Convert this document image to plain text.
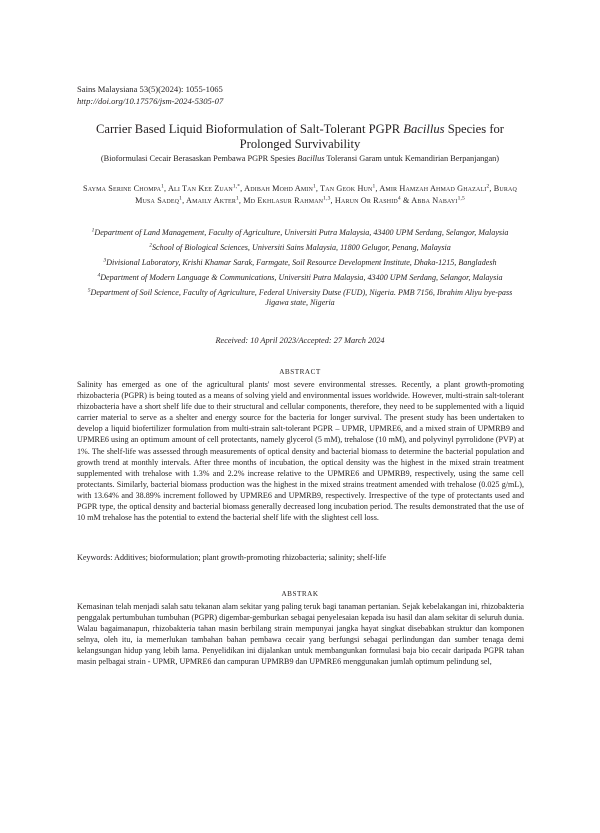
Sains Malaysiana 53(5)(2024): 1055-1065
http://doi.org/10.17576/jsm-2024-5305-07
Carrier Based Liquid Bioformulation of Salt-Tolerant PGPR Bacillus Species for Prolonged Survivability
(Bioformulasi Cecair Berasaskan Pembawa PGPR Spesies Bacillus Toleransi Garam untuk Kemandirian Berpanjangan)
Sayma Serine Chompa$^1$, Ali Tan Kee Zuan$^{1,*}$, Adibah Mohd Amin$^1$, Tan Geok Hun$^1$, Amir Hamzah Ahmad Ghazali$^2$, Buraq Musa Sadeq$^1$, Amaily Akter$^1$, Md Ekhlasur Rahman$^{1,3}$, Harun Or Rashid$^4$ & Abba Nabayi$^{1,5}$

$^1$Department of Land Management, Faculty of Agriculture, Universiti Putra Malaysia, 43400 UPM Serdang, Selangor, Malaysia

$^2$School of Biological Sciences, Universiti Sains Malaysia, 11800 Gelugor, Penang, Malaysia

$^3$Divisional Laboratory, Krishi Khamar Sarak, Farmgate, Soil Resource Development Institute, Dhaka-1215, Bangladesh

$^4$Department of Modern Language & Communications, Universiti Putra Malaysia, 43400 UPM Serdang, Selangor, Malaysia

$^5$Department of Soil Science, Faculty of Agriculture, Federal University Dutse (FUD), Nigeria. PMB 7156, Ibrahim Aliyu bye-pass Jigawa state, Nigeria

Received: 10 April 2023/Accepted: 27 March 2024
ABSTRACT

Salinity has emerged as one of the agricultural plants' most severe environmental stresses. Recently, a plant growth-promoting rhizobacteria (PGPR) is being touted as a means of solving yield and environmental issues worldwide. However, multi-strain salt-tolerant rhizobacteria have a short shelf life due to their structural and cellular components, therefore, they need to be supplemented with a liquid carrier material to serve as a shelter and energy source for the bacteria for longer survival. The present study has been undertaken to develop a liquid biofertilizer formulation from multi-strain salt-tolerant PGPR – UPMR, UPMRE6, and a mixed strain of UPMRB9 and UPMRE6 using an optimum amount of cell protectants, namely glycerol (5 mM), trehalose (10 mM), and polyvinyl pyrrolidone (PVP) at 1%. The shelf-life was assessed through measurements of optical density and bacterial biomass to determine the bacterial population and growth trend at monthly intervals. After three months of incubation, the optical density was the highest in the mixed strain treatment supplemented with trehalose with 1.3% and 2.2% increase relative to the UPMRE6 and UPMRB9, respectively, using the same cell protectants. Similarly, bacterial biomass production was the highest in the mixed strains treatment amended with trehalose (0.025 g/mL), with 13.64% and 38.89% increment followed by UPMRE6 and UPMRB9, respectively. Irrespective of the type of protectants used and PGPR type, the optical density and bacterial biomass generally decreased long incubation period. The results demonstrated that the use of 10 mM trehalose has the potential to extend the bacterial shelf life with the slightest cell loss.

Keywords: Additives; bioformulation; plant growth-promoting rhizobacteria; salinity; shelf-life
ABSTRAK

Kemasinan telah menjadi salah satu tekanan alam sekitar yang paling teruk bagi tanaman pertanian. Sejak kebelakangan ini, rhizobakteria penggalak pertumbuhan tumbuhan (PGPR) digembar-gemburkan sebagai penyelesaian kepada isu hasil dan alam sekitar di seluruh dunia. Walau bagaimanapun, rhizobakteria tahan masin berbilang strain mempunyai jangka hayat singkat disebabkan struktur dan komponen selnya, oleh itu, ia memerlukan tambahan bahan pembawa cecair yang berfungsi sebagai perlindungan dan sumber tenaga demi kelangsungan hidup yang lebih lama. Penyelidikan ini dijalankan untuk membangunkan formulasi baja bio cecair daripada PGPR tahan masin pelbagai strain - UPMR, UPMRE6 dan campuran UPMRB9 dan UPMRE6 menggunakan jumlah optimum pelindung sel,
